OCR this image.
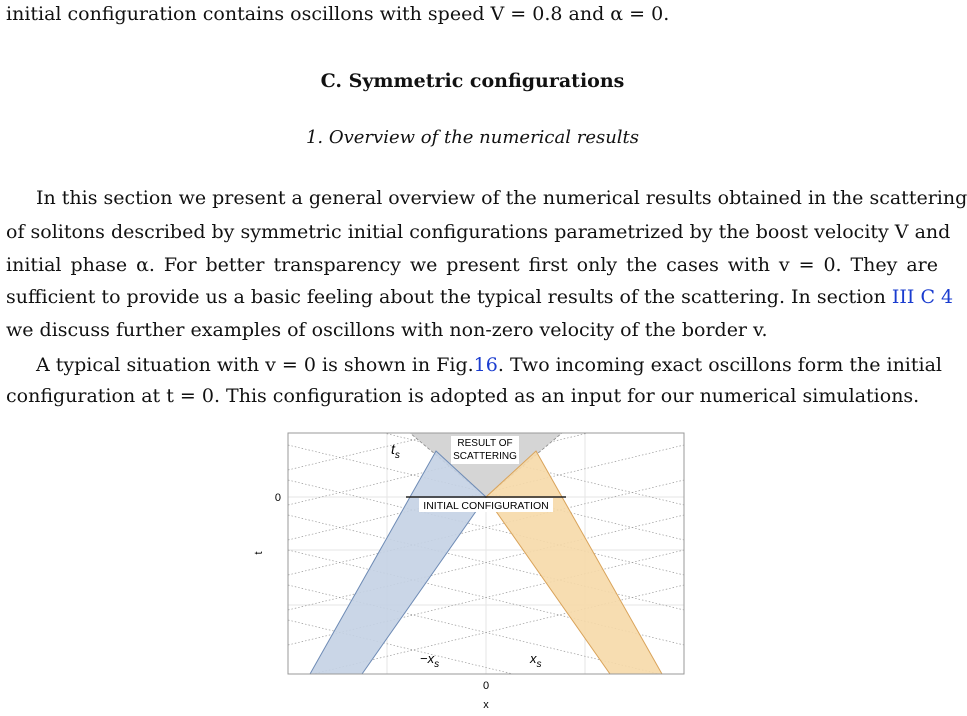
initial configuration contains oscillons with speed V = 0.8 and α = 0.
C. Symmetric configurations
1. Overview of the numerical results
In this section we present a general overview of the numerical results obtained in the scattering
of solitons described by symmetric initial configurations parametrized by the boost velocity V and
initial phase α. For better transparency we present first only the cases with v = 0. They are
sufficient to provide us a basic feeling about the typical results of the scattering. In section III C 4
we discuss further examples of oscillons with non-zero velocity of the border v.
A typical situation with v = 0 is shown in Fig.16. Two incoming exact oscillons form the initial
configuration at t = 0. This configuration is adopted as an input for our numerical simulations.
RESULT OF
SCATTERING
INITIAL CONFIGURATION
$t_s$
$-x_s$	$x_s$
0
x
0
t
